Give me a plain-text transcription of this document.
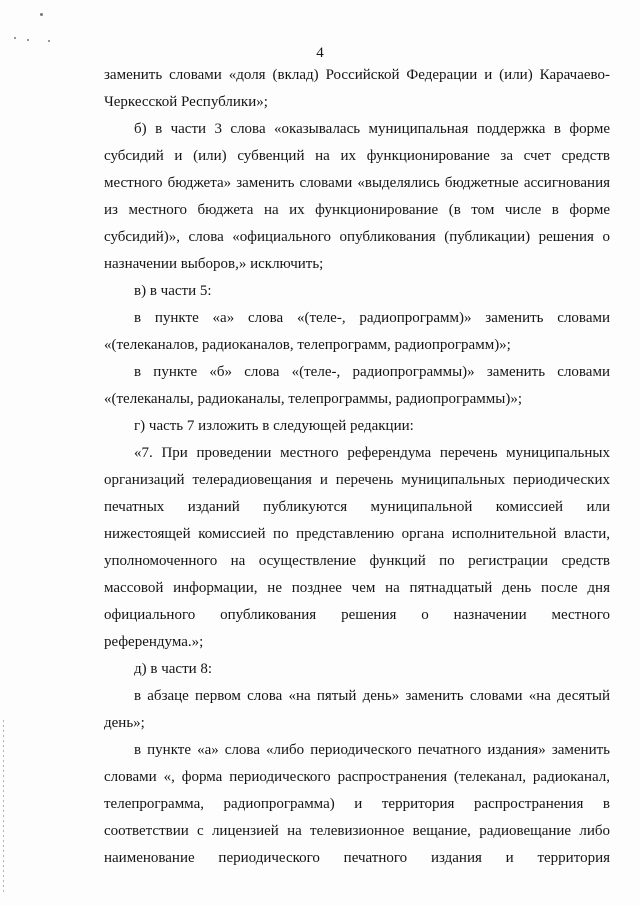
4
заменить словами «доля (вклад) Российской Федерации и (или) Карачаево-
Черкесской Республики»;
б) в части 3 слова «оказывалась муниципальная поддержка в форме
субсидий и (или) субвенций на их функционирование за счет средств
местного бюджета» заменить словами «выделялись бюджетные ассигнования
из местного бюджета на их функционирование (в том числе в форме
субсидий)», слова «официального опубликования (публикации) решения о
назначении выборов,» исключить;
в) в части 5:
в пункте «а» слова «(теле-, радиопрограмм)» заменить словами
«(телеканалов, радиоканалов, телепрограмм, радиопрограмм)»;
в пункте «б» слова «(теле-, радиопрограммы)» заменить словами
«(телеканалы, радиоканалы, телепрограммы, радиопрограммы)»;
г) часть 7 изложить в следующей редакции:
«7. При проведении местного референдума перечень муниципальных
организаций телерадиовещания и перечень муниципальных периодических
печатных изданий публикуются муниципальной комиссией или
нижестоящей комиссией по представлению органа исполнительной власти,
уполномоченного на осуществление функций по регистрации средств
массовой информации, не позднее чем на пятнадцатый день после дня
официального опубликования решения о назначении местного
референдума.»;
д) в части 8:
в абзаце первом слова «на пятый день» заменить словами «на десятый
день»;
в пункте «а» слова «либо периодического печатного издания» заменить
словами «, форма периодического распространения (телеканал, радиоканал,
телепрограмма, радиопрограмма) и территория распространения в
соответствии с лицензией на телевизионное вещание, радиовещание либо
наименование периодического печатного издания и территория
